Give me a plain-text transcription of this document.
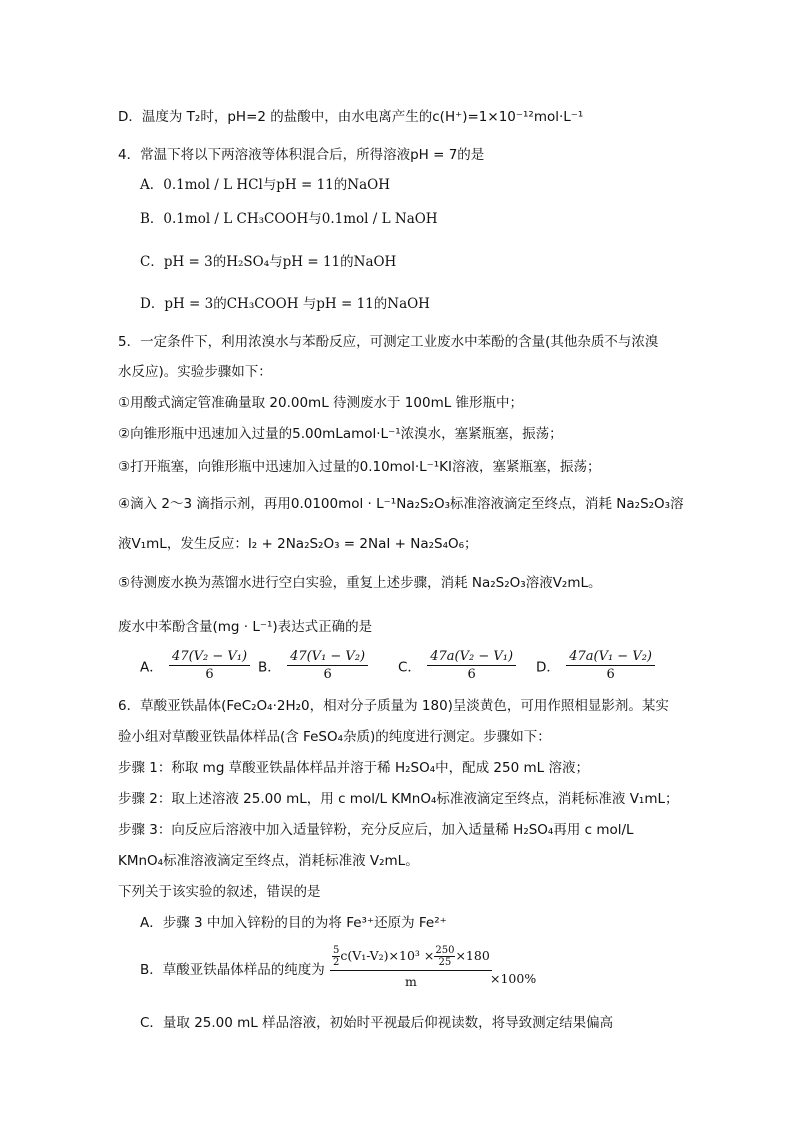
D．温度为 T₂时，pH=2 的盐酸中，由水电离产生的c(H⁺)=1×10⁻¹²mol·L⁻¹
4．常温下将以下两溶液等体积混合后，所得溶液pH = 7的是
A．0.1mol / L HCl与pH = 11的NaOH
B．0.1mol / L CH₃COOH与0.1mol / L NaOH
C．pH = 3的H₂SO₄与pH = 11的NaOH
D．pH = 3的CH₃COOH 与pH = 11的NaOH
5．一定条件下，利用浓溴水与苯酚反应，可测定工业废水中苯酚的含量(其他杂质不与浓溴
水反应)。实验步骤如下：
①用酸式滴定管准确量取 20.00mL 待测废水于 100mL 锥形瓶中；
②向锥形瓶中迅速加入过量的5.00mLamol·L⁻¹浓溴水，塞紧瓶塞，振荡；
③打开瓶塞，向锥形瓶中迅速加入过量的0.10mol·L⁻¹KI溶液，塞紧瓶塞，振荡；
④滴入 2～3 滴指示剂，再用0.0100mol · L⁻¹Na₂S₂O₃标准溶液滴定至终点，消耗 Na₂S₂O₃溶
液V₁mL，发生反应：I₂ + 2Na₂S₂O₃ = 2NaI + Na₂S₄O₆；
⑤待测废水换为蒸馏水进行空白实验，重复上述步骤，消耗 Na₂S₂O₃溶液V₂mL。
废水中苯酚含量(mg · L⁻¹)表达式正确的是
A． $\frac{\text{47(V₂ − V₁)}}{6}$ B． $\frac{\text{47(V₁ − V₂)}}{6}$ C． $\frac{\text{47a(V₂ − V₁)}}{6}$ D． $\frac{\text{47a(V₁ − V₂)}}{6}$
6．草酸亚铁晶体(FeC₂O₄·2H₂0，相对分子质量为 180)呈淡黄色，可用作照相显影剂。某实
验小组对草酸亚铁晶体样品(含 FeSO₄杂质)的纯度进行测定。步骤如下：
步骤 1：称取 mg 草酸亚铁晶体样品并溶于稀 H₂SO₄中，配成 250 mL 溶液；
步骤 2：取上述溶液 25.00 mL，用 c mol/L KMnO₄标准液滴定至终点，消耗标准液 V₁mL；
步骤 3：向反应后溶液中加入适量锌粉，充分反应后，加入适量稀 H₂SO₄再用 c mol/L
KMnO₄标准溶液滴定至终点，消耗标准液 V₂mL。
下列关于该实验的叙述，错误的是
A．步骤 3 中加入锌粉的目的为将 Fe³⁺还原为 Fe²⁺
B．草酸亚铁晶体样品的纯度为 $\frac{\frac{5}{2} c(V_1-V_2)\times 10^3 \times \frac{250}{25} \times 180}{m}$
×100%
C．量取 25.00 mL 样品溶液，初始时平视最后仰视读数，将导致测定结果偏高
